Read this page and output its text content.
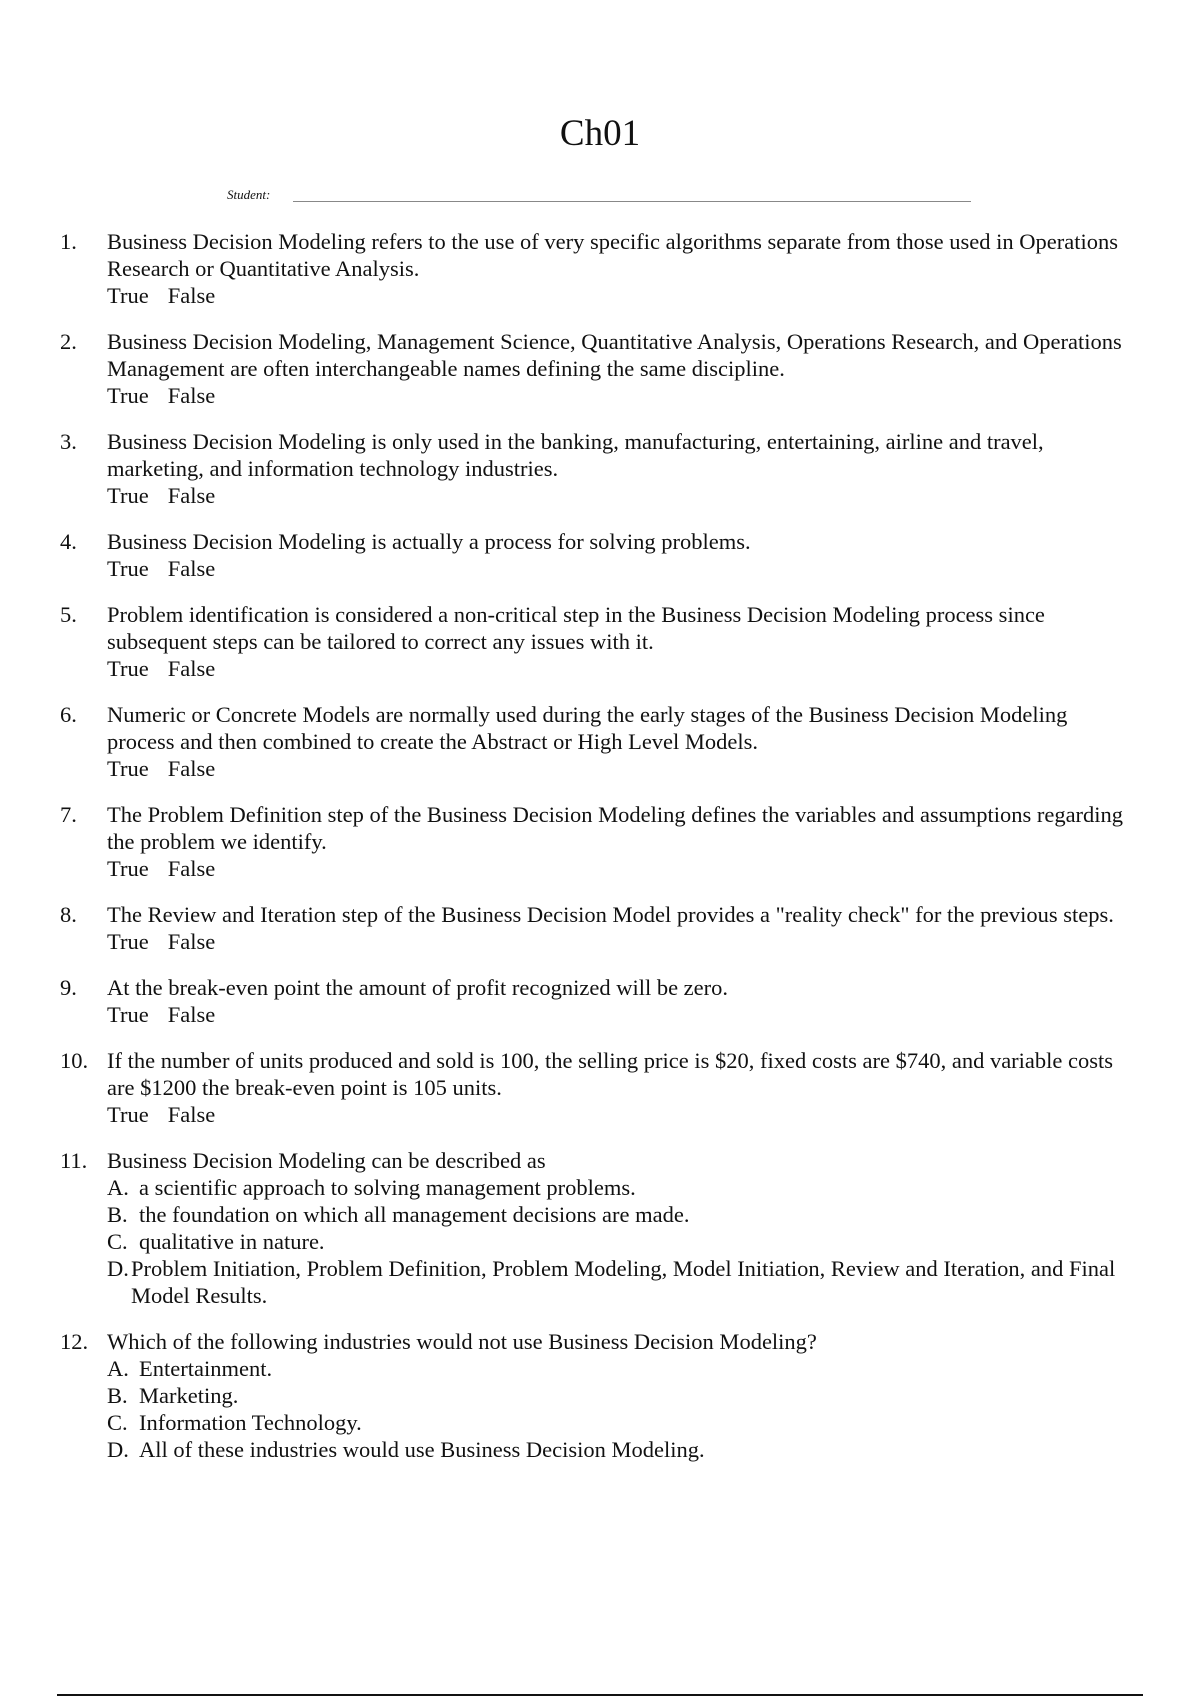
Ch01
Student:
1.	Business Decision Modeling refers to the use of very specific algorithms separate from those used in Operations Research or Quantitative Analysis.
True False
2.	Business Decision Modeling, Management Science, Quantitative Analysis, Operations Research, and Operations Management are often interchangeable names defining the same discipline.
True False
3.	Business Decision Modeling is only used in the banking, manufacturing, entertaining, airline and travel, marketing, and information technology industries.
True False
4.	Business Decision Modeling is actually a process for solving problems.
True False
5.	Problem identification is considered a non-critical step in the Business Decision Modeling process since subsequent steps can be tailored to correct any issues with it.
True False
6.	Numeric or Concrete Models are normally used during the early stages of the Business Decision Modeling process and then combined to create the Abstract or High Level Models.
True False
7.	The Problem Definition step of the Business Decision Modeling defines the variables and assumptions regarding the problem we identify.
True False
8.	The Review and Iteration step of the Business Decision Model provides a "reality check" for the previous steps.
True False
9.	At the break-even point the amount of profit recognized will be zero.
True False
10. If the number of units produced and sold is 100, the selling price is $20, fixed costs are $740, and variable costs are $1200 the break-even point is 105 units.
True False
11. Business Decision Modeling can be described as
A. a scientific approach to solving management problems.
B. the foundation on which all management decisions are made.
C. qualitative in nature.
D. Problem Initiation, Problem Definition, Problem Modeling, Model Initiation, Review and Iteration, and Final Model Results.
12. Which of the following industries would not use Business Decision Modeling?
A. Entertainment.
B. Marketing.
C. Information Technology.
D. All of these industries would use Business Decision Modeling.
